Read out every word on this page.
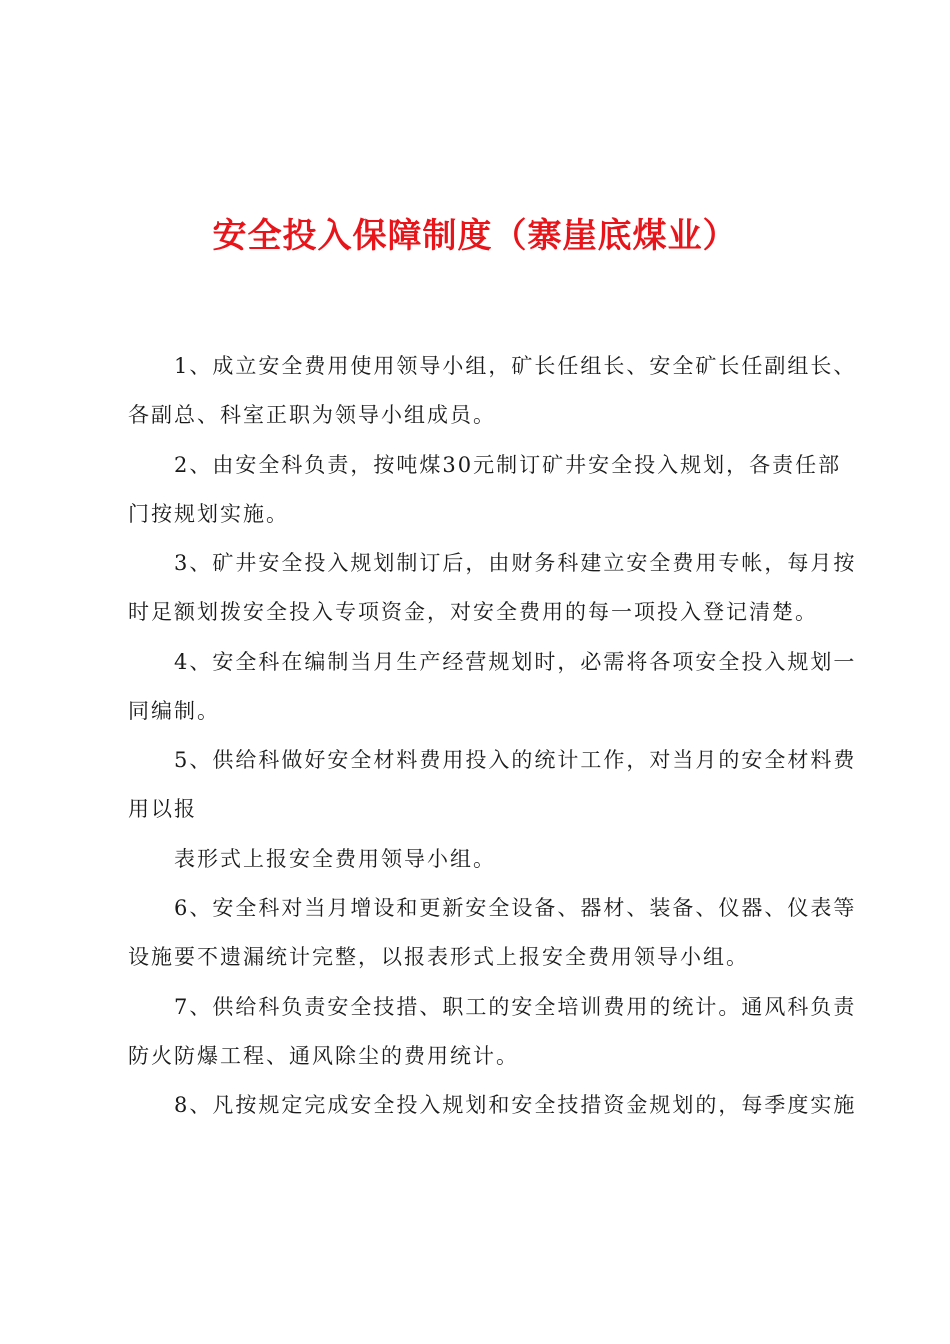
安全投入保障制度（寨崖底煤业）

1、成立安全费用使用领导小组，矿长任组长、安全矿长任副组长、

各副总、科室正职为领导小组成员。

2、由安全科负责，按吨煤30元制订矿井安全投入规划，各责任部

门按规划实施。

3、矿井安全投入规划制订后，由财务科建立安全费用专帐，每月按

时足额划拨安全投入专项资金，对安全费用的每一项投入登记清楚。

4、安全科在编制当月生产经营规划时，必需将各项安全投入规划一

同编制。

5、供给科做好安全材料费用投入的统计工作，对当月的安全材料费

用以报

表形式上报安全费用领导小组。

6、安全科对当月增设和更新安全设备、器材、装备、仪器、仪表等

设施要不遗漏统计完整，以报表形式上报安全费用领导小组。

7、供给科负责安全技措、职工的安全培训费用的统计。通风科负责

防火防爆工程、通风除尘的费用统计。

8、凡按规定完成安全投入规划和安全技措资金规划的，每季度实施
